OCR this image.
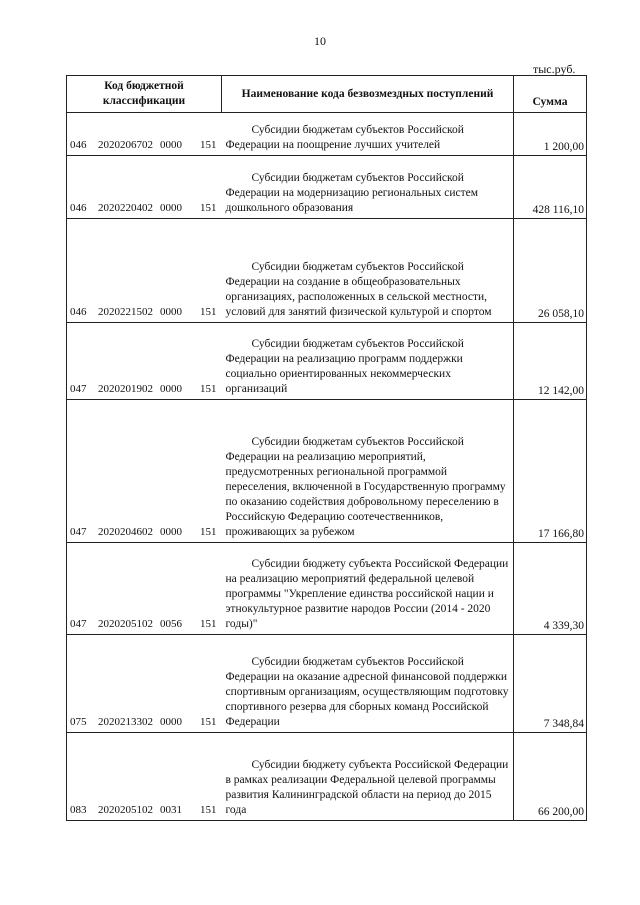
10
тыс.руб.
Код бюджетной классификации	Наименование кода безвозмездных поступлений	Сумма
046 2020206702 0000 151	Субсидии бюджетам субъектов Российской Федерации на поощрение лучших учителей	1 200,00
046 2020220402 0000 151	Субсидии бюджетам субъектов Российской Федерации на модернизацию региональных систем дошкольного образования	428 116,10
046 2020221502 0000 151	Субсидии бюджетам субъектов Российской Федерации на создание в общеобразовательных организациях, расположенных в сельской местности, условий для занятий физической культурой и спортом	26 058,10
047 2020201902 0000 151	Субсидии бюджетам субъектов Российской Федерации на реализацию программ поддержки социально ориентированных некоммерческих организаций	12 142,00
047 2020204602 0000 151	Субсидии бюджетам субъектов Российской Федерации на реализацию мероприятий, предусмотренных региональной программой переселения, включенной в Государственную программу по оказанию содействия добровольному переселению в Российскую Федерацию соотечественников, проживающих за рубежом	17 166,80
047 2020205102 0056 151	Субсидии бюджету субъекта Российской Федерации на реализацию мероприятий федеральной целевой программы "Укрепление единства российской нации и этнокультурное развитие народов России (2014 - 2020 годы)"	4 339,30
075 2020213302 0000 151	Субсидии бюджетам субъектов Российской Федерации на оказание адресной финансовой поддержки спортивным организациям, осуществляющим подготовку спортивного резерва для сборных команд Российской Федерации	7 348,84
083 2020205102 0031 151	Субсидии бюджету субъекта Российской Федерации в рамках реализации Федеральной целевой программы развития Калининградской области на период до 2015 года	66 200,00
